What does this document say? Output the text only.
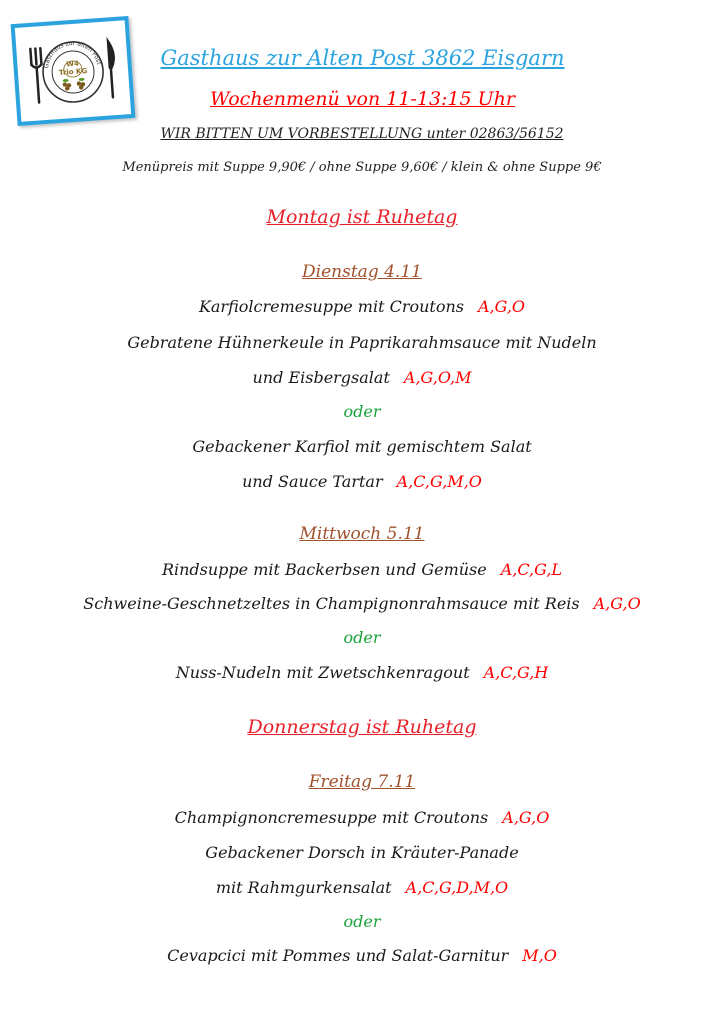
Gasthaus zur alten Post
W4
Trio KG
Gasthaus zur Alten Post 3862 Eisgarn
Wochenmenü von 11-13:15 Uhr
WIR BITTEN UM VORBESTELLUNG unter 02863/56152
Menüpreis mit Suppe 9,90€ / ohne Suppe 9,60€ / klein & ohne Suppe 9€
Montag ist Ruhetag
Dienstag 4.11
Karfiolcremesuppe mit Croutons A,G,O
Gebratene Hühnerkeule in Paprikarahmsauce mit Nudeln
und Eisbergsalat A,G,O,M
oder
Gebackener Karfiol mit gemischtem Salat
und Sauce Tartar A,C,G,M,O
Mittwoch 5.11
Rindsuppe mit Backerbsen und Gemüse A,C,G,L
Schweine-Geschnetzeltes in Champignonrahmsauce mit Reis A,G,O
oder
Nuss-Nudeln mit Zwetschkenragout A,C,G,H
Donnerstag ist Ruhetag
Freitag 7.11
Champignoncremesuppe mit Croutons A,G,O
Gebackener Dorsch in Kräuter-Panade
mit Rahmgurkensalat A,C,G,D,M,O
oder
Cevapcici mit Pommes und Salat-Garnitur M,O
